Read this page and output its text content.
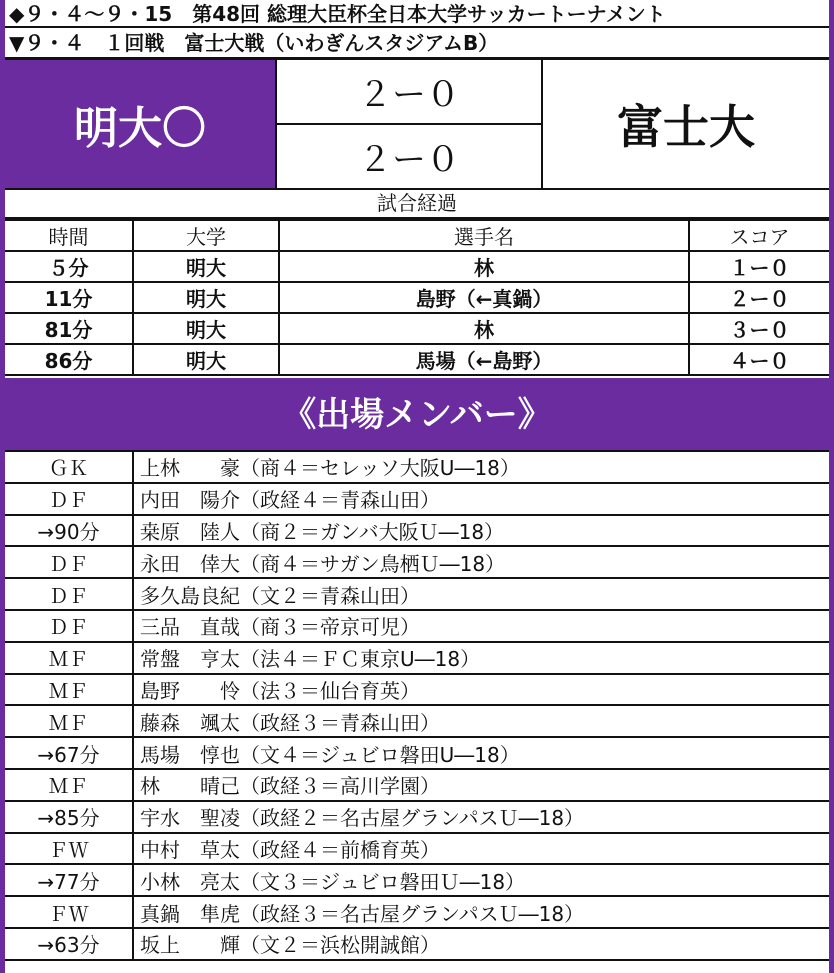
◆９・４～９・15　第48回 総理大臣杯全日本大学サッカートーナメント
▼９・４　１回戦　富士大戦（いわぎんスタジアムB）
明大〇
２ー０
２ー０
富士大
試合経過
時間	大学	選手名	スコア
５分	明大	林	１ー０
11分	明大	島野（←真鍋）	２ー０
81分	明大	林	３ー０
86分	明大	馬場（←島野）	４ー０
《出場メンバー》
ＧＫ	上林　　豪（商４＝セレッソ大阪U―18）
ＤＦ	内田　陽介（政経４＝青森山田）
→90分	桒原　陸人（商２＝ガンバ大阪Ｕ―18）
ＤＦ	永田　倖大（商４＝サガン鳥栖Ｕ―18）
ＤＦ	多久島良紀（文２＝青森山田）
ＤＦ	三品　直哉（商３＝帝京可児）
ＭＦ	常盤　亨太（法４＝ＦＣ東京U―18）
ＭＦ	島野　　怜（法３＝仙台育英）
ＭＦ	藤森　颯太（政経３＝青森山田）
→67分	馬場　惇也（文４＝ジュビロ磐田U―18）
ＭＦ	林　　晴己（政経３＝高川学園）
→85分	宇水　聖凌（政経２＝名古屋グランパスＵ―18）
ＦＷ	中村　草太（政経４＝前橋育英）
→77分	小林　亮太（文３＝ジュビロ磐田Ｕ―18）
ＦＷ	真鍋　隼虎（政経３＝名古屋グランパスＵ―18）
→63分	坂上　　輝（文２＝浜松開誠館）
